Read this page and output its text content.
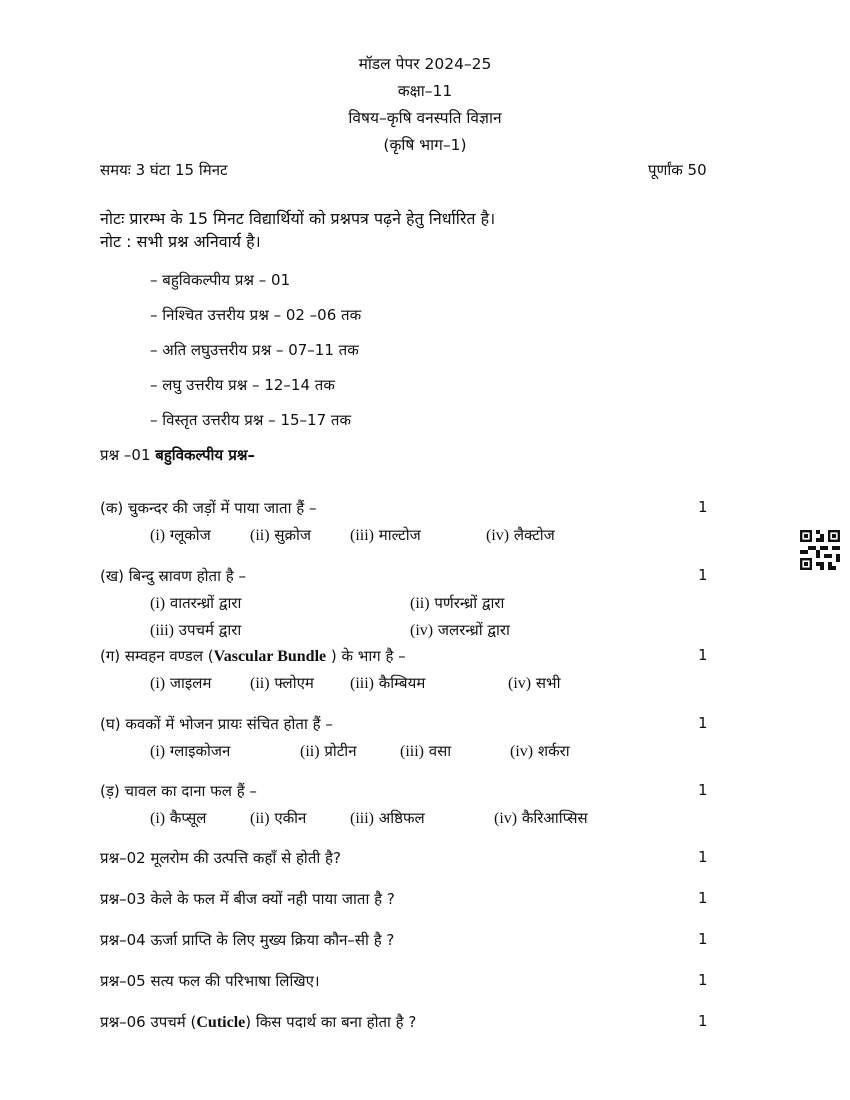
मॉडल पेपर 2024–25
कक्षा–11
विषय–कृषि वनस्पति विज्ञान
(कृषि भाग–1)
समयः 3 घंटा 15 मिनट	पूर्णांक 50
नोटः प्रारम्भ के 15 मिनट विद्यार्थियों को प्रश्नपत्र पढ़ने हेतु निर्धारित है।
नोट : सभी प्रश्न अनिवार्य है।
– बहुविकल्पीय प्रश्न – 01
– निश्चित उत्तरीय प्रश्न – 02 –06 तक
– अति लघुउत्तरीय प्रश्न – 07–11 तक
– लघु उत्तरीय प्रश्न – 12–14 तक
– विस्तृत उत्तरीय प्रश्न – 15–17 तक
प्रश्न –01 बहुविकल्पीय प्रश्न–
(क) चुकन्दर की जड़ों में पाया जाता हैं –	1
(i) ग्लूकोज (ii) सुक्रोज (iii) माल्टोज	(iv) लैक्टोज
(ख) बिन्दु स्रावण होता है –	1
(i) वातरन्ध्रों द्वारा	(ii) पर्णरन्ध्रों द्वारा
(iii) उपचर्म द्वारा	(iv) जलरन्ध्रों द्वारा
(ग) सम्वहन वण्डल (Vascular Bundle ) के भाग है –	1
(i) जाइलम (ii) फ्लोएम (iii) कैम्बियम	(iv) सभी
(घ) कवकों में भोजन प्रायः संचित होता हैं –	1
(i) ग्लाइकोजन	(ii) प्रोटीन	(iii) वसा	(iv) शर्करा
(ड़) चावल का दाना फल हैं –	1
(i) कैप्सूल	(ii) एकीन	(iii) अष्ठिफल	(iv) कैरिआप्सिस
प्रश्न–02 मूलरोम की उत्पत्ति कहाँ से होती है?	1
प्रश्न–03 केले के फल में बीज क्यों नही पाया जाता है ?	1
प्रश्न–04 ऊर्जा प्राप्ति के लिए मुख्य क्रिया कौन–सी है ?	1
प्रश्न–05 सत्य फल की परिभाषा लिखिए।	1
प्रश्न–06 उपचर्म (Cuticle) किस पदार्थ का बना होता है ?	1
